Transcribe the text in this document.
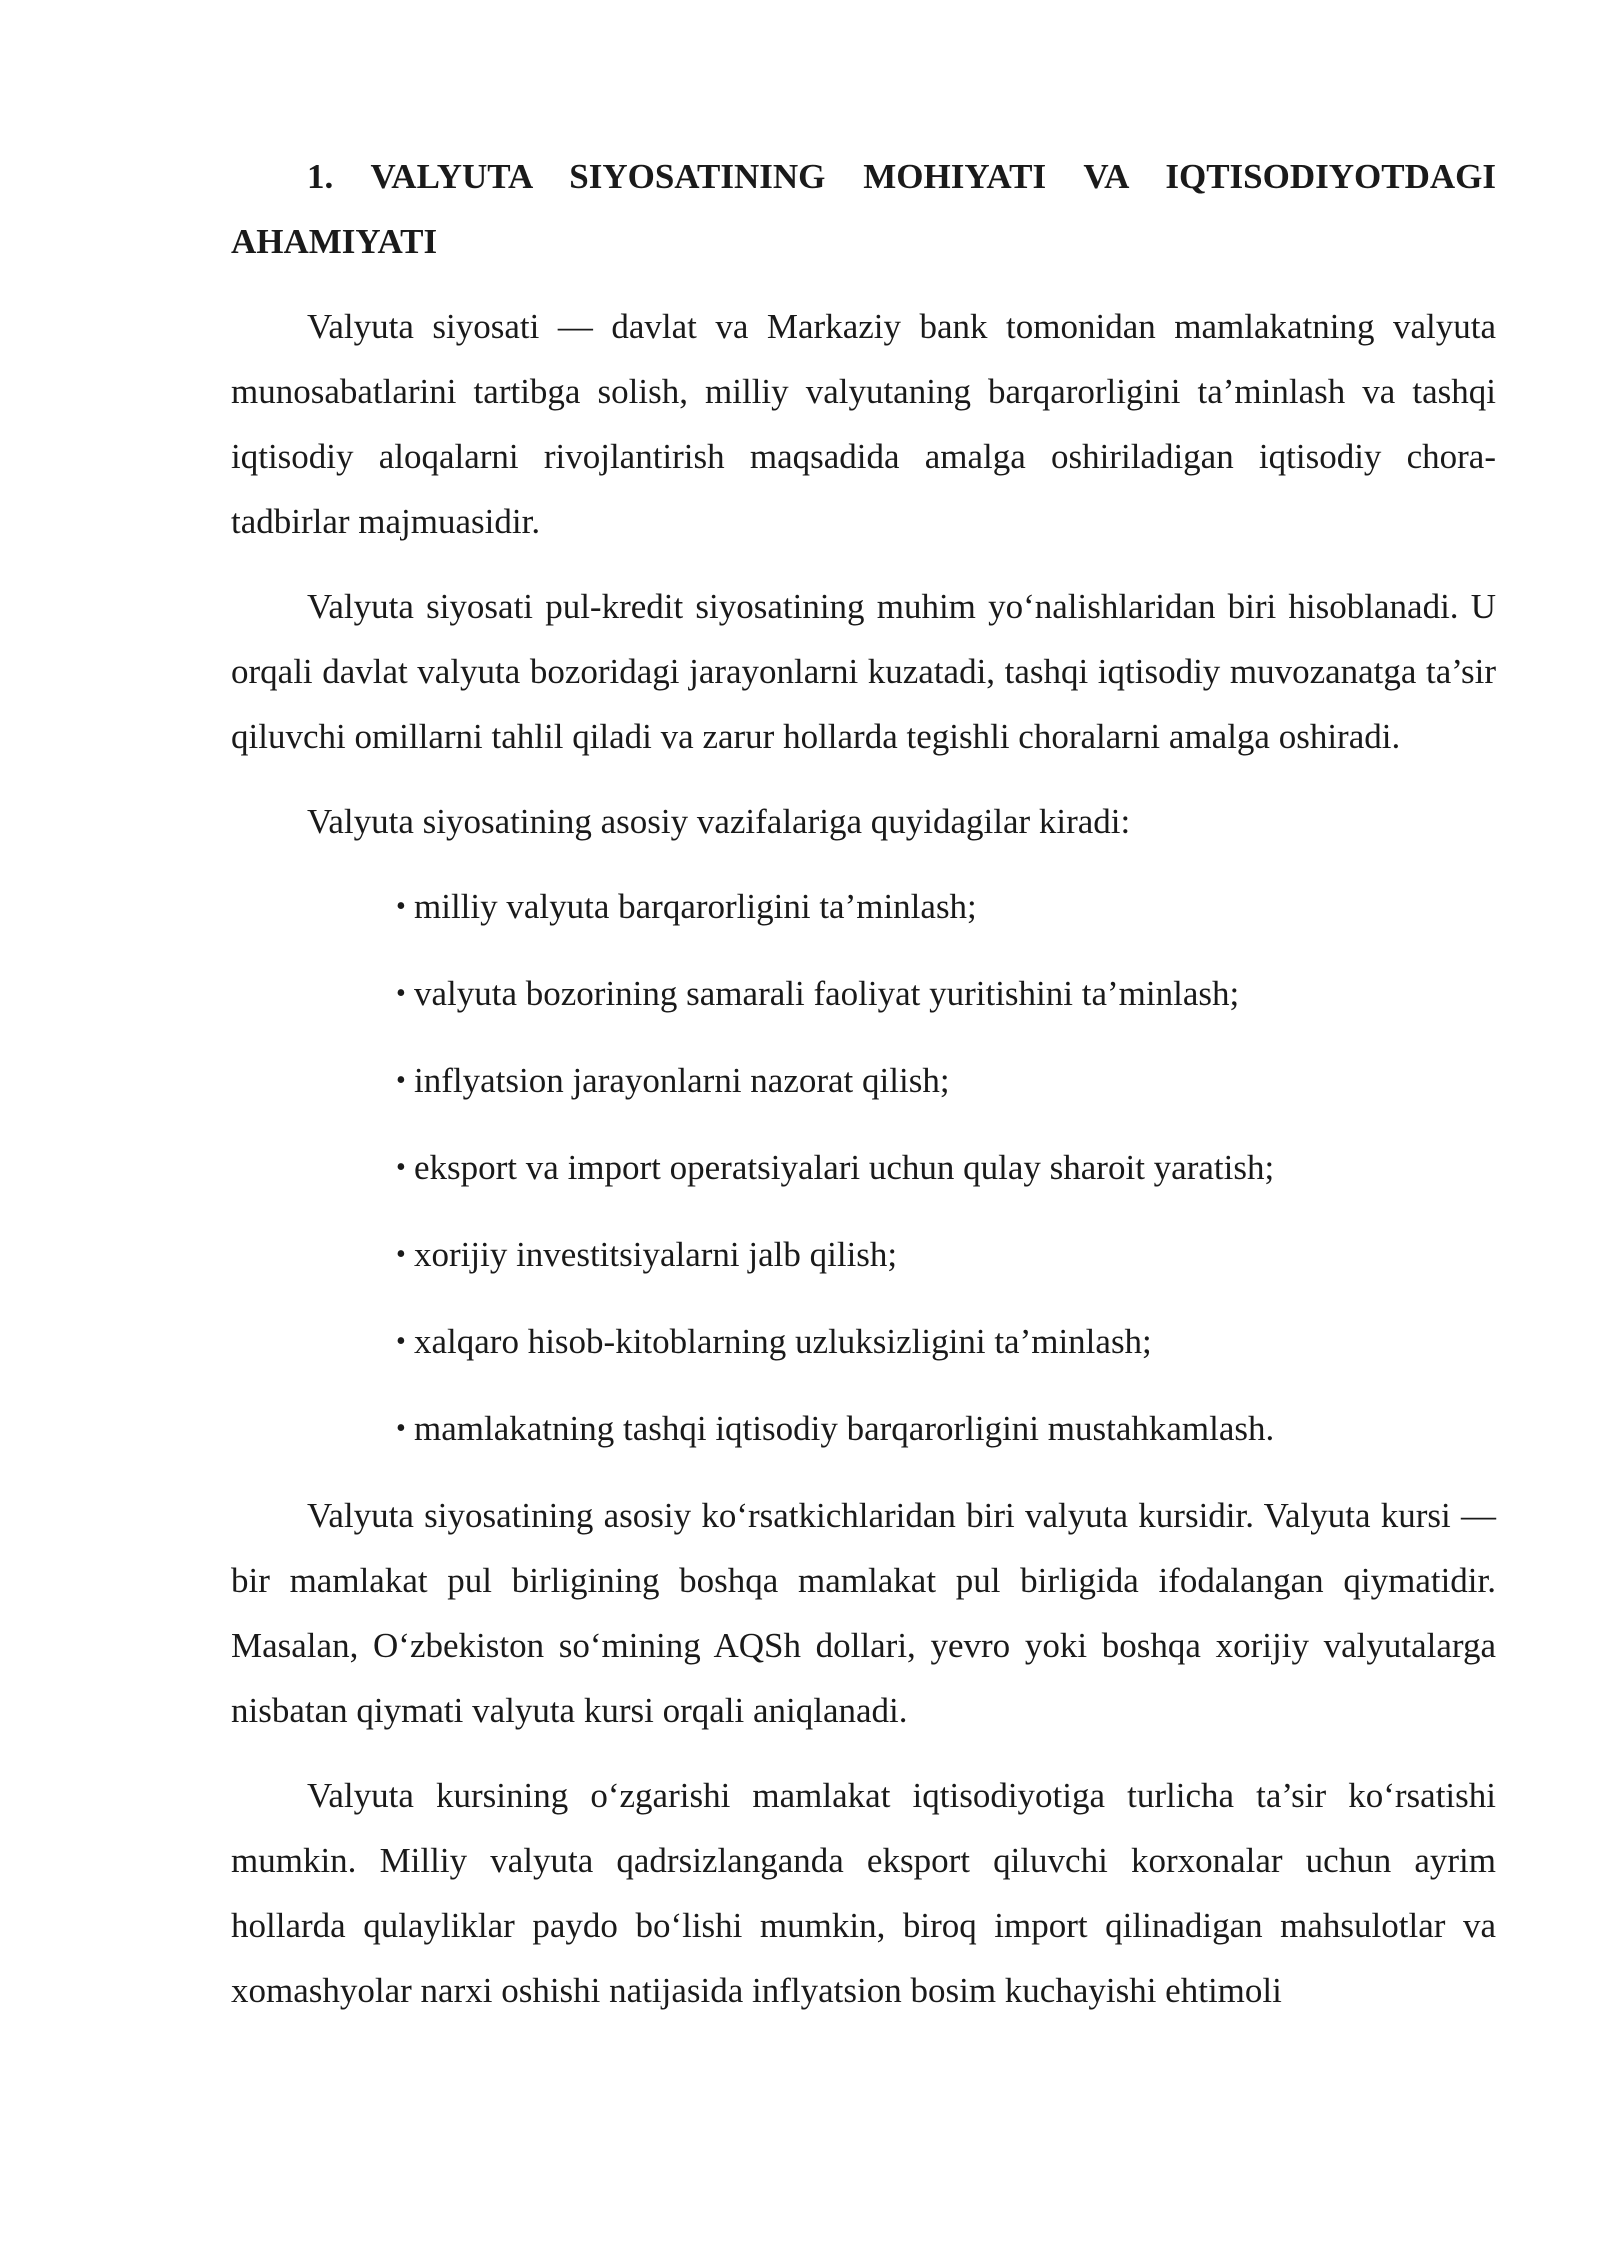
1. VALYUTA SIYOSATINING MOHIYATI VA IQTISODIYOTDAGI AHAMIYATI

Valyuta siyosati — davlat va Markaziy bank tomonidan mamlakatning valyuta munosabatlarini tartibga solish, milliy valyutaning barqarorligini ta’minlash va tashqi iqtisodiy aloqalarni rivojlantirish maqsadida amalga oshiriladigan iqtisodiy chora-tadbirlar majmuasidir.

Valyuta siyosati pul-kredit siyosatining muhim yo‘nalishlaridan biri hisoblanadi. U orqali davlat valyuta bozoridagi jarayonlarni kuzatadi, tashqi iqtisodiy muvozanatga ta’sir qiluvchi omillarni tahlil qiladi va zarur hollarda tegishli choralarni amalga oshiradi.

Valyuta siyosatining asosiy vazifalariga quyidagilar kiradi:

• milliy valyuta barqarorligini ta’minlash;
• valyuta bozorining samarali faoliyat yuritishini ta’minlash;
• inflyatsion jarayonlarni nazorat qilish;
• eksport va import operatsiyalari uchun qulay sharoit yaratish;
• xorijiy investitsiyalarni jalb qilish;
• xalqaro hisob-kitoblarning uzluksizligini ta’minlash;
• mamlakatning tashqi iqtisodiy barqarorligini mustahkamlash.

Valyuta siyosatining asosiy ko‘rsatkichlaridan biri valyuta kursidir. Valyuta kursi — bir mamlakat pul birligining boshqa mamlakat pul birligida ifodalangan qiymatidir. Masalan, O‘zbekiston so‘mining AQSh dollari, yevro yoki boshqa xorijiy valyutalarga nisbatan qiymati valyuta kursi orqali aniqlanadi.

Valyuta kursining o‘zgarishi mamlakat iqtisodiyotiga turlicha ta’sir ko‘rsatishi mumkin. Milliy valyuta qadrsizlanganda eksport qiluvchi korxonalar uchun ayrim hollarda qulayliklar paydo bo‘lishi mumkin, biroq import qilinadigan mahsulotlar va xomashyolar narxi oshishi natijasida inflyatsion bosim kuchayishi ehtimoli
